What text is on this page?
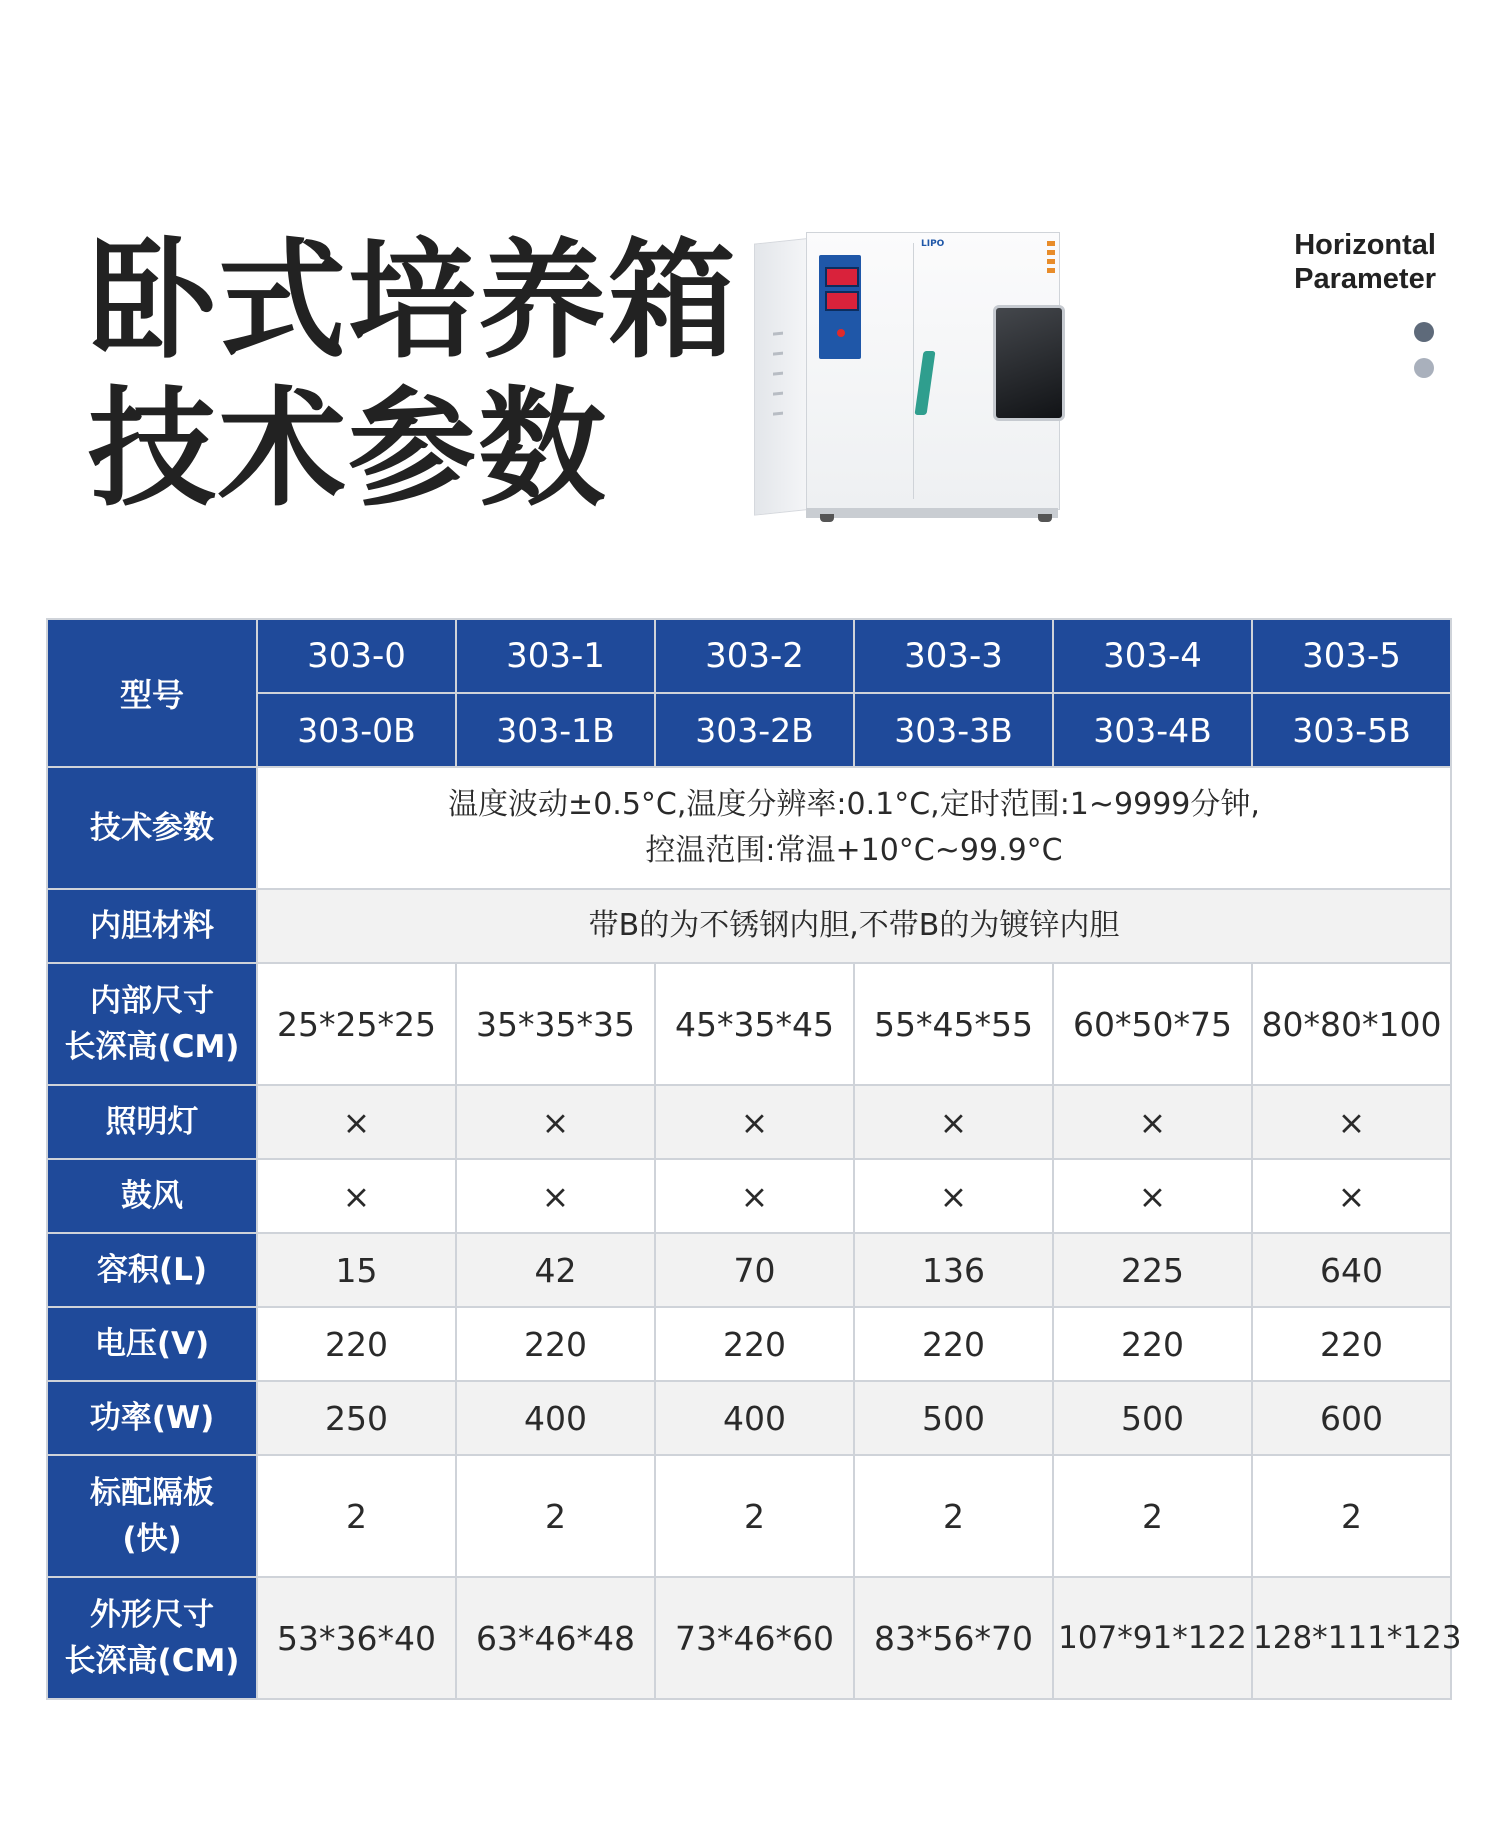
卧式培养箱
技术参数
LIPO	Horizontal
Parameter
型号	303-0	303-1	303-2	303-3	303-4	303-5
	303-0B	303-1B	303-2B	303-3B	303-4B	303-5B
技术参数	温度波动±0.5°C,温度分辨率:0.1°C,定时范围:1~9999分钟,
控温范围:常温+10°C~99.9°C					

内胆材料	带B的为不锈钢内胆,不带B的为镀锌内胆					

内部尺寸
长深高(CM)	25*25*25	35*35*35	45*35*45	55*45*55	60*50*75	80*80*100
照明灯	×	×	×	×	×	×
鼓风	×	×	×	×	×	×
容积(L)	15	42	70	136	225	640
电压(V)	220	220	220	220	220	220
功率(W)	250	400	400	500	500	600

标配隔板
(快)	2	2	2	2	2	2

外形尺寸
长深高(CM)	53*36*40	63*46*48	73*46*60	83*56*70	107*91*122	128*111*123
